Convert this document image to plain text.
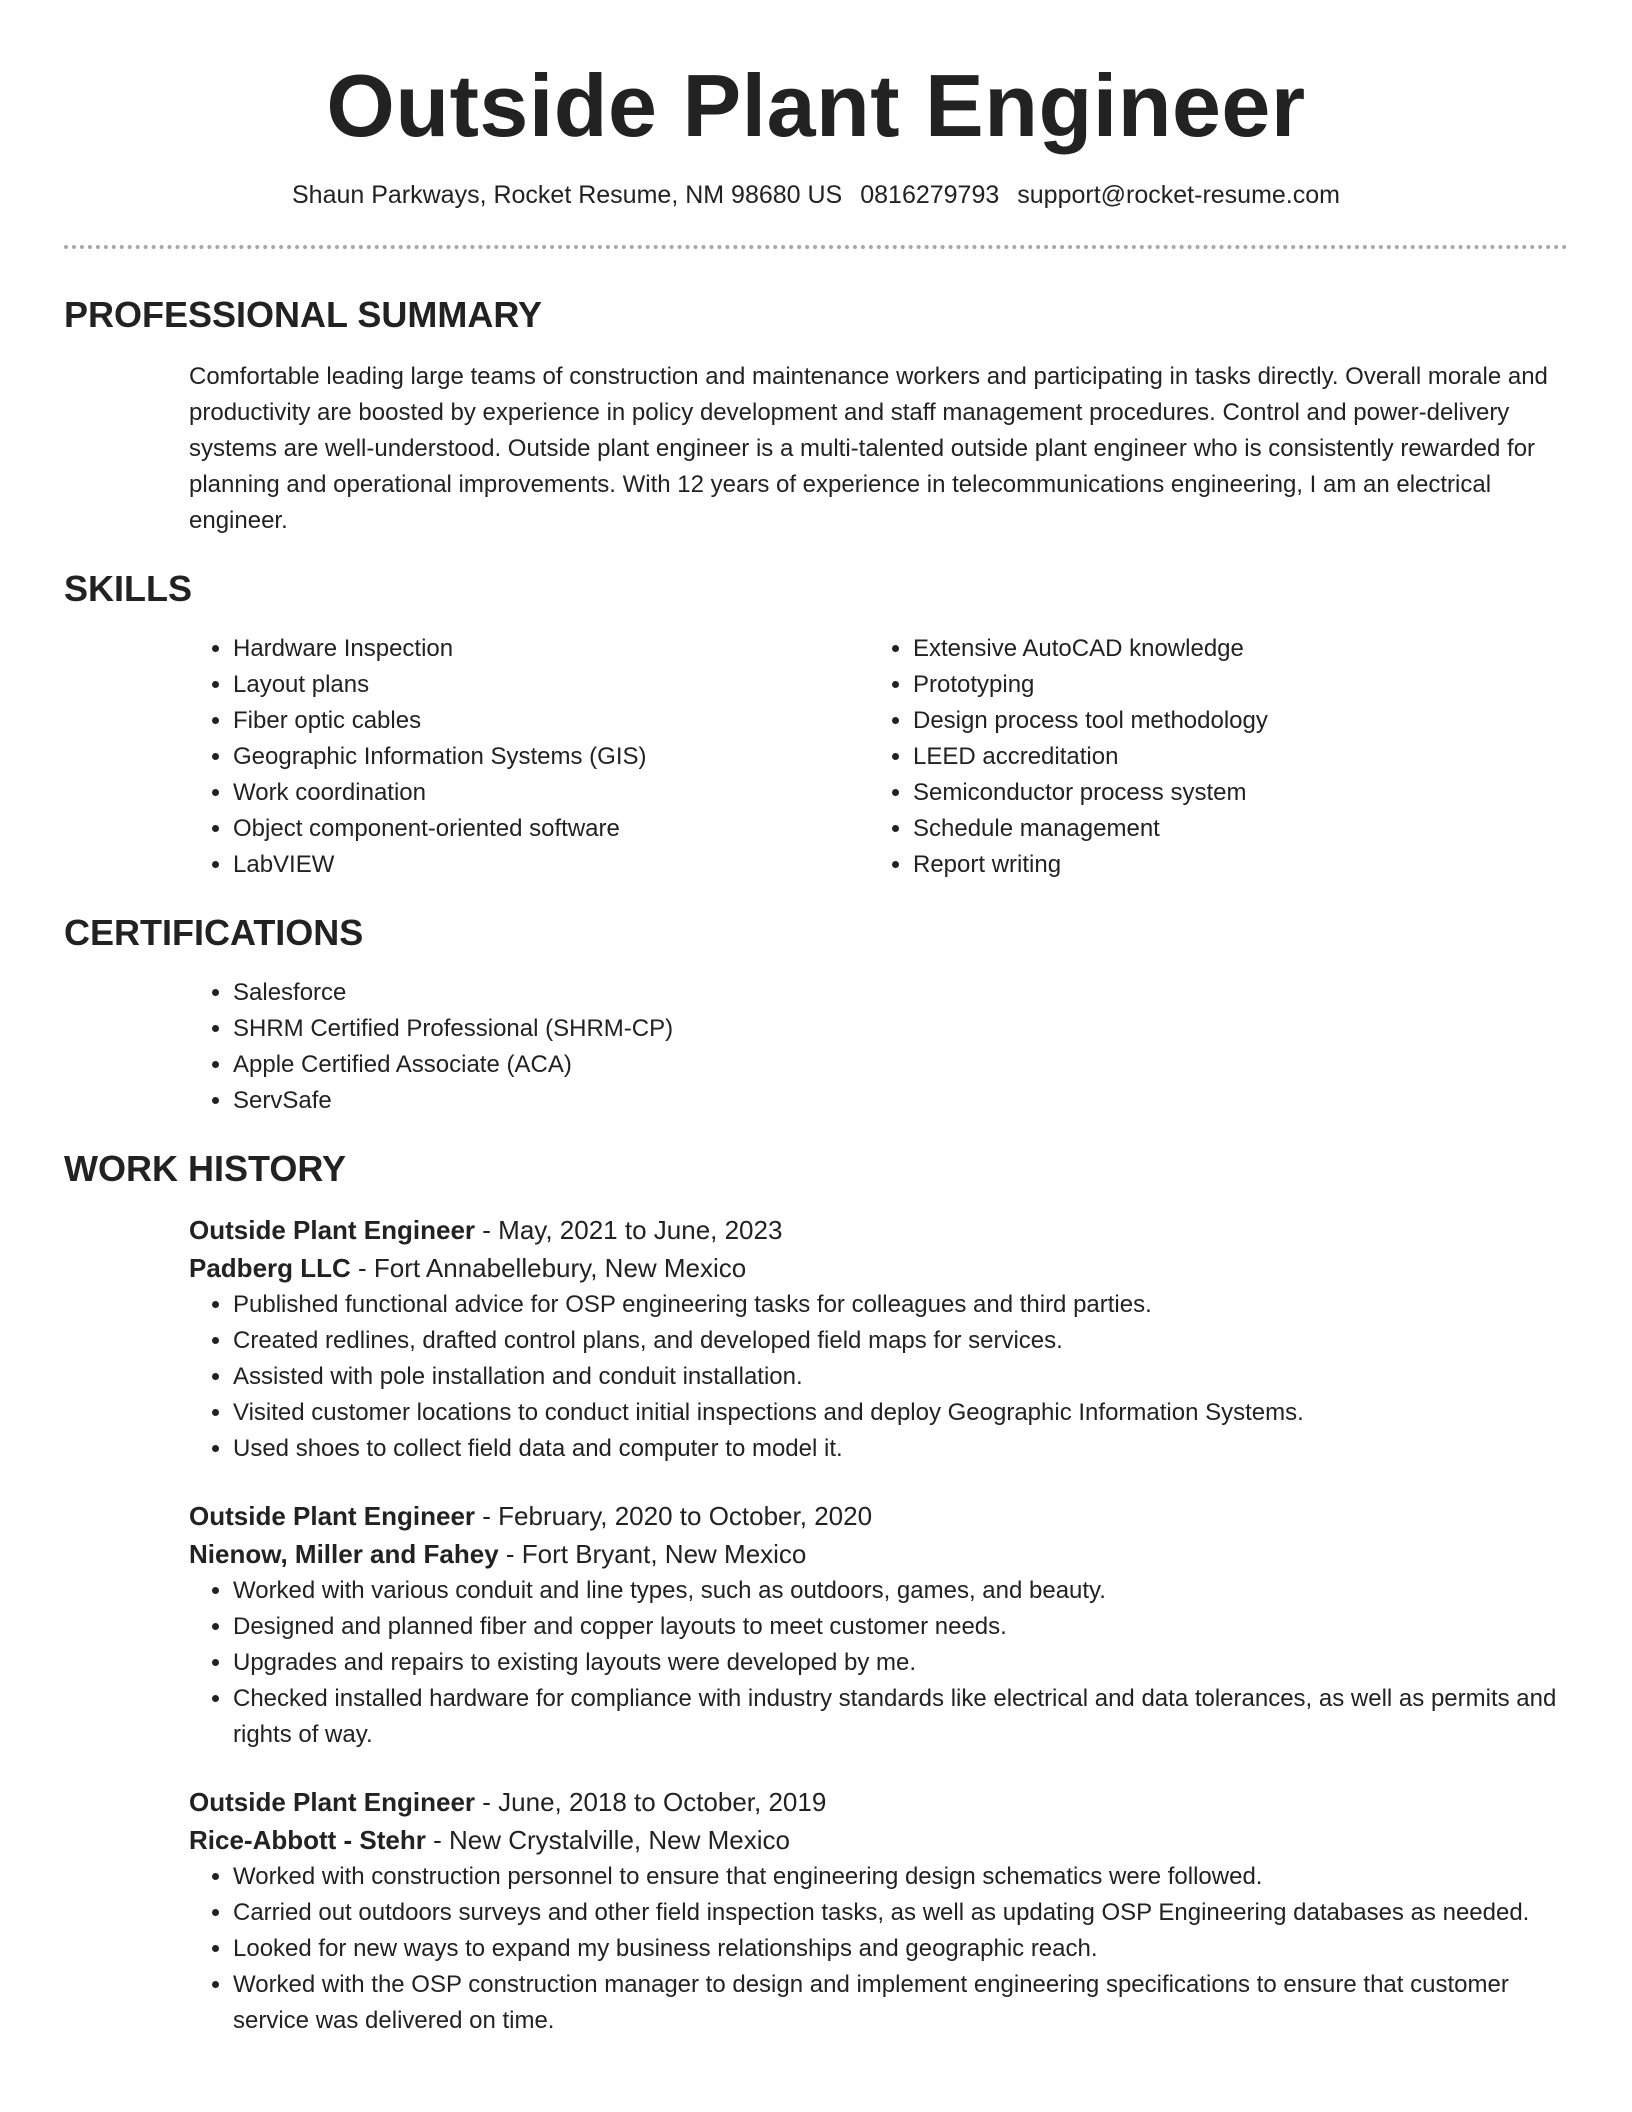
Outside Plant Engineer
Shaun Parkways, Rocket Resume, NM 98680 US 0816279793 support@rocket-resume.com
PROFESSIONAL SUMMARY

Comfortable leading large teams of construction and maintenance workers and participating in tasks directly. Overall morale and productivity are boosted by experience in policy development and staff management procedures. Control and power-delivery systems are well-understood. Outside plant engineer is a multi-talented outside plant engineer who is consistently rewarded for planning and operational improvements. With 12 years of experience in telecommunications engineering, I am an electrical engineer.

SKILLS
• Hardware Inspection
• Layout plans
• Fiber optic cables
• Geographic Information Systems (GIS)
• Work coordination
• Object component-oriented software
• LabVIEW
• Extensive AutoCAD knowledge
• Prototyping
• Design process tool methodology
• LEED accreditation
• Semiconductor process system
• Schedule management
• Report writing
CERTIFICATIONS
• Salesforce
• SHRM Certified Professional (SHRM-CP)
• Apple Certified Associate (ACA)
• ServSafe
WORK HISTORY
Outside Plant Engineer - May, 2021 to June, 2023
Padberg LLC - Fort Annabellebury, New Mexico
• Published functional advice for OSP engineering tasks for colleagues and third parties.
• Created redlines, drafted control plans, and developed field maps for services.
• Assisted with pole installation and conduit installation.
• Visited customer locations to conduct initial inspections and deploy Geographic Information Systems.
• Used shoes to collect field data and computer to model it.
Outside Plant Engineer - February, 2020 to October, 2020
Nienow, Miller and Fahey - Fort Bryant, New Mexico
• Worked with various conduit and line types, such as outdoors, games, and beauty.
• Designed and planned fiber and copper layouts to meet customer needs.
• Upgrades and repairs to existing layouts were developed by me.
• Checked installed hardware for compliance with industry standards like electrical and data tolerances, as well as permits and rights of way.
Outside Plant Engineer - June, 2018 to October, 2019
Rice-Abbott - Stehr - New Crystalville, New Mexico
• Worked with construction personnel to ensure that engineering design schematics were followed.
• Carried out outdoors surveys and other field inspection tasks, as well as updating OSP Engineering databases as needed.
• Looked for new ways to expand my business relationships and geographic reach.
• Worked with the OSP construction manager to design and implement engineering specifications to ensure that customer service was delivered on time.
